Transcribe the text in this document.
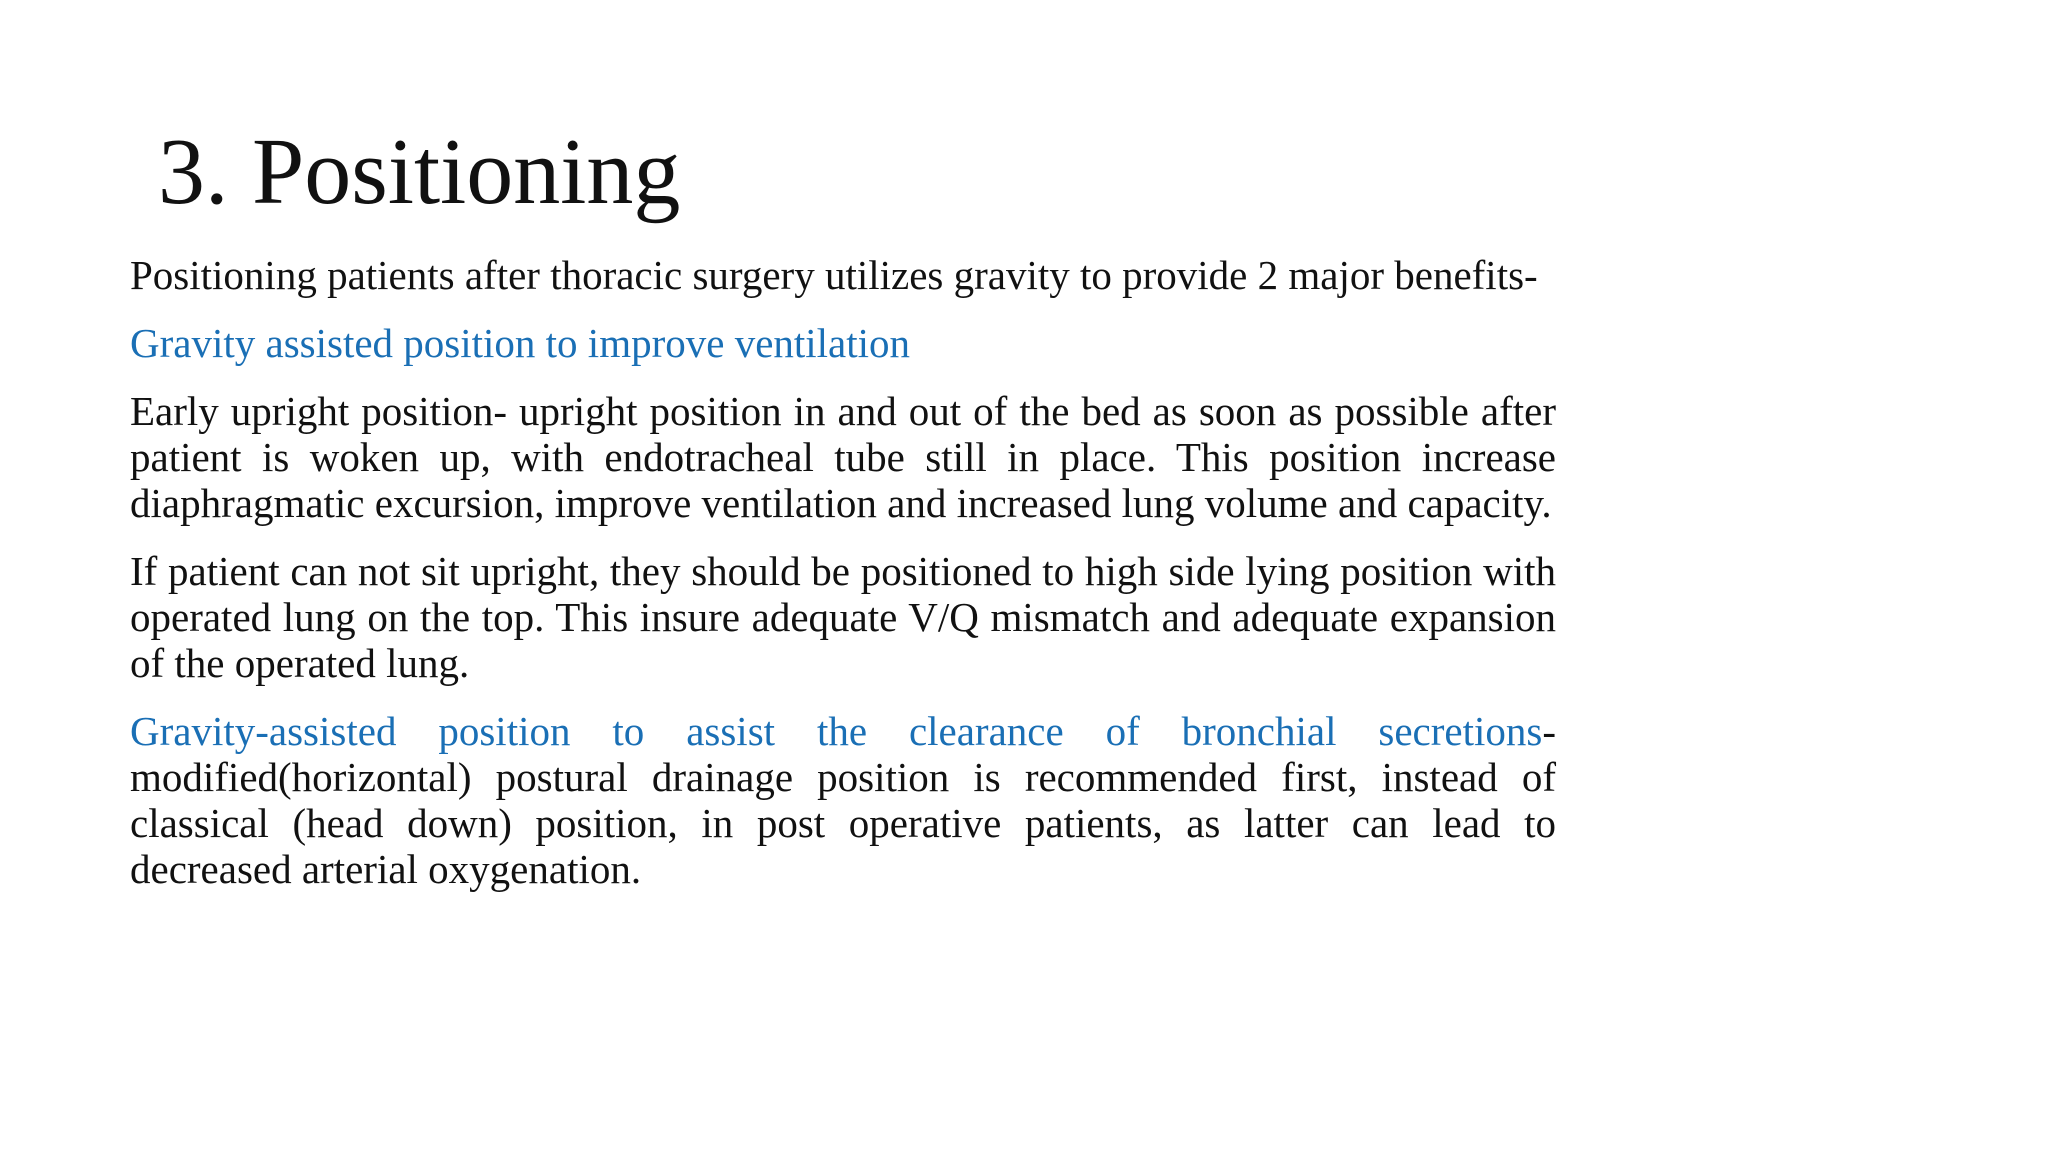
3. Positioning

Positioning patients after thoracic surgery utilizes gravity to provide 2 major benefits-

Gravity assisted position to improve ventilation

Early upright position- upright position in and out of the bed as soon as possible after patient is woken up, with endotracheal tube still in place. This position increase diaphragmatic excursion, improve ventilation and increased lung volume and capacity.

If patient can not sit upright, they should be positioned to high side lying position with operated lung on the top. This insure adequate V/Q mismatch and adequate expansion of the operated lung.

Gravity-assisted position to assist the clearance of bronchial secretions- modified(horizontal) postural drainage position is recommended first, instead of classical (head down) position, in post operative patients, as latter can lead to decreased arterial oxygenation.
